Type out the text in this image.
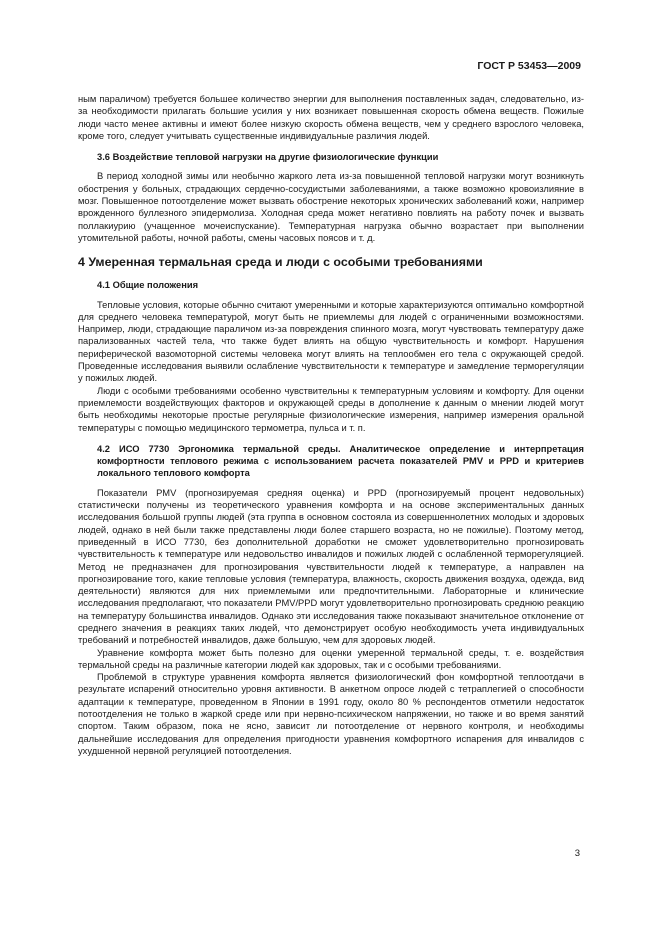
ГОСТ Р 53453—2009

ным параличом) требуется большее количество энергии для выполнения поставленных задач, следовательно, из-за необходимости прилагать большие усилия у них возникает повышенная скорость обмена веществ. Пожилые люди часто менее активны и имеют более низкую скорость обмена веществ, чем у среднего взрослого человека, кроме того, следует учитывать существенные индивидуальные различия людей.

3.6 Воздействие тепловой нагрузки на другие физиологические функции

В период холодной зимы или необычно жаркого лета из-за повышенной тепловой нагрузки могут возникнуть обострения у больных, страдающих сердечно-сосудистыми заболеваниями, а также возможно кровоизлияние в мозг. Повышенное потоотделение может вызвать обострение некоторых хронических заболеваний кожи, например врожденного буллезного эпидермолиза. Холодная среда может негативно повлиять на работу почек и вызвать поллакиурию (учащенное мочеиспускание). Температурная нагрузка обычно возрастает при выполнении утомительной работы, ночной работы, смены часовых поясов и т. д.

4 Умеренная термальная среда и люди с особыми требованиями
4.1 Общие положения

Тепловые условия, которые обычно считают умеренными и которые характеризуются оптимально комфортной для среднего человека температурой, могут быть не приемлемы для людей с ограниченными возможностями. Например, люди, страдающие параличом из-за повреждения спинного мозга, могут чувствовать температуру даже парализованных частей тела, что также будет влиять на общую чувствительность и комфорт. Нарушения периферической вазомоторной системы человека могут влиять на теплообмен его тела с окружающей средой. Проведенные исследования выявили ослабление чувствительности к температуре и замедление терморегуляции у пожилых людей.

Люди с особыми требованиями особенно чувствительны к температурным условиям и комфорту. Для оценки приемлемости воздействующих факторов и окружающей среды в дополнение к данным о мнении людей могут быть необходимы некоторые простые регулярные физиологические измерения, например измерения оральной температуры с помощью медицинского термометра, пульса и т. п.

4.2 ИСО 7730 Эргономика термальной среды. Аналитическое определение и интерпретация комфортности теплового режима с использованием расчета показателей PMV и PPD и критериев локального теплового комфорта

Показатели PMV (прогнозируемая средняя оценка) и PPD (прогнозируемый процент недовольных) статистически получены из теоретического уравнения комфорта и на основе экспериментальных данных исследования большой группы людей (эта группа в основном состояла из совершеннолетних молодых и здоровых людей, однако в ней были также представлены люди более старшего возраста, но не пожилые). Поэтому метод, приведенный в ИСО 7730, без дополнительной доработки не сможет удовлетворительно прогнозировать чувствительность к температуре или недовольство инвалидов и пожилых людей с ослабленной терморегуляцией. Метод не предназначен для прогнозирования чувствительности людей к температуре, а направлен на прогнозирование того, какие тепловые условия (температура, влажность, скорость движения воздуха, одежда, вид деятельности) являются для них приемлемыми или предпочтительными. Лабораторные и клинические исследования предполагают, что показатели PMV/PPD могут удовлетворительно прогнозировать среднюю реакцию на температуру большинства инвалидов. Однако эти исследования также показывают значительное отклонение от среднего значения в реакциях таких людей, что демонстрирует особую необходимость учета индивидуальных требований и потребностей инвалидов, даже большую, чем для здоровых людей.

Уравнение комфорта может быть полезно для оценки умеренной термальной среды, т. е. воздействия термальной среды на различные категории людей как здоровых, так и с особыми требованиями.

Проблемой в структуре уравнения комфорта является физиологический фон комфортной теплоотдачи в результате испарений относительно уровня активности. В анкетном опросе людей с тетраплегией о способности адаптации к температуре, проведенном в Японии в 1991 году, около 80 % респондентов отметили недостаток потоотделения не только в жаркой среде или при нервно-психическом напряжении, но также и во время занятий спортом. Таким образом, пока не ясно, зависит ли потоотделение от нервного контроля, и необходимы дальнейшие исследования для определения пригодности уравнения комфортного испарения для инвалидов с ухудшенной нервной регуляцией потоотделения.

3
